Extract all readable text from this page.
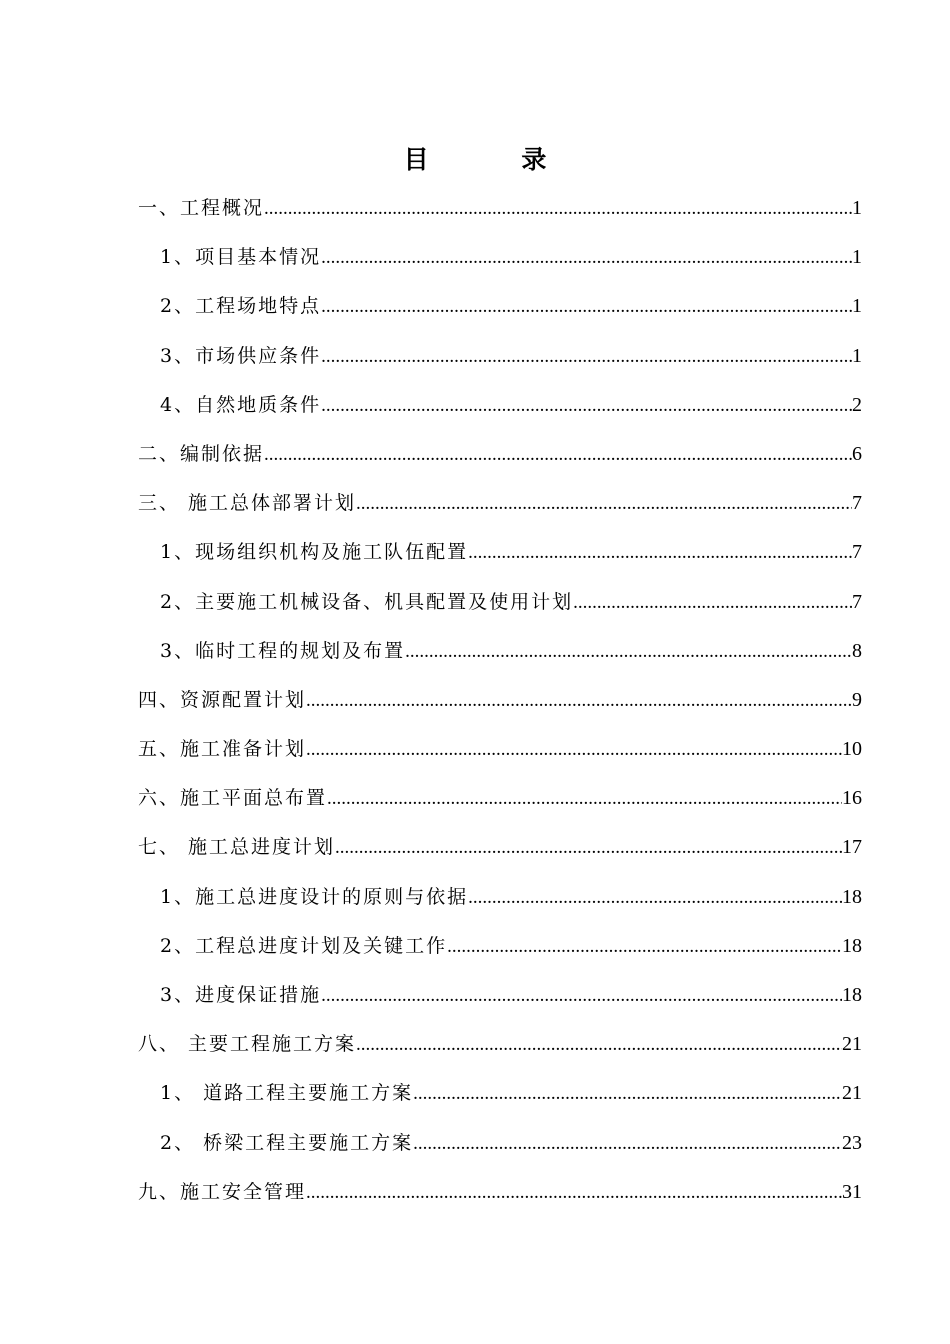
目 录
一、工程概况 .....	1
1、项目基本情况 .....	1
2、工程场地特点 .....	1
3、市场供应条件 .....	1
4、自然地质条件 .....	2
二、编制依据 .....	6
三、 施工总体部署计划 .....	7
1、现场组织机构及施工队伍配置 .....	7
2、主要施工机械设备、机具配置及使用计划 .....	7
3、临时工程的规划及布置 .....	8
四、资源配置计划 .....	9
五、施工准备计划 .....	10
六、施工平面总布置 .....	16
七、 施工总进度计划 .....	17
1、施工总进度设计的原则与依据 .....	18
2、工程总进度计划及关键工作 .....	18
3、进度保证措施 .....	18
八、 主要工程施工方案 .....	21
1、 道路工程主要施工方案 .....	21
2、 桥梁工程主要施工方案 .....	23
九、施工安全管理 .....	31
